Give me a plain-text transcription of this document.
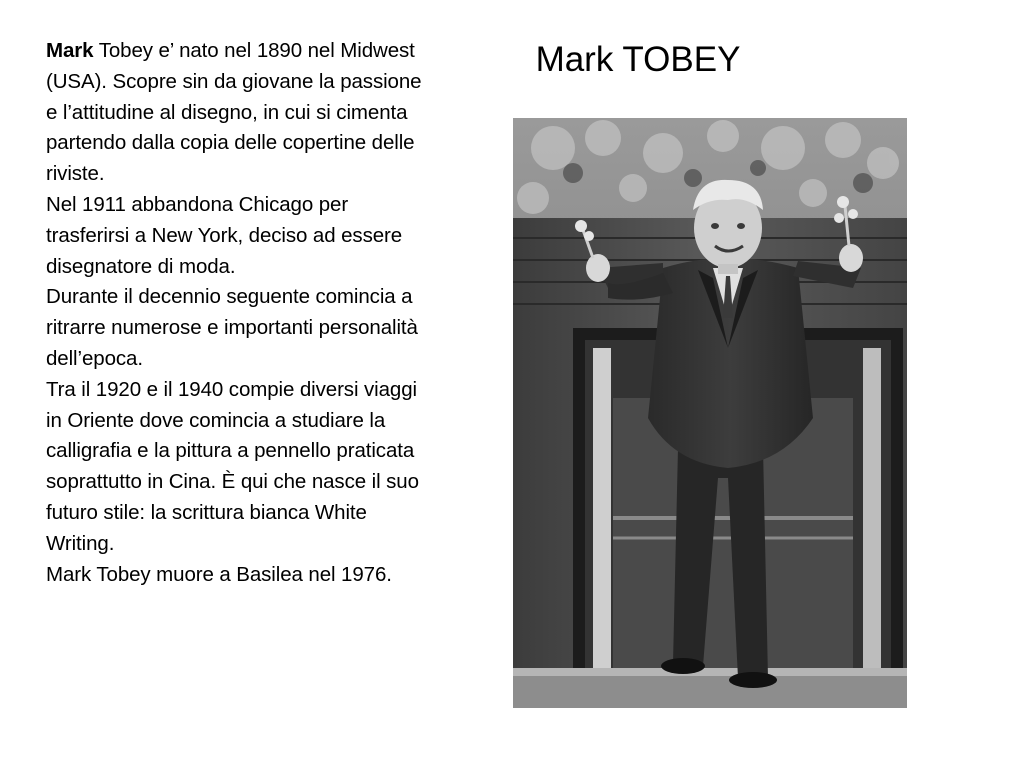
Mark Tobey e’ nato nel 1890 nel Midwest (USA). Scopre sin da giovane la passione e l’attitudine al disegno, in cui si cimenta partendo dalla copia delle copertine delle riviste.

Nel 1911 abbandona Chicago per trasferirsi a New York, deciso ad essere disegnatore di moda.

Durante il decennio seguente comincia a ritrarre numerose e importanti personalità dell’epoca.

Tra il 1920 e il 1940 compie diversi viaggi in Oriente dove comincia a studiare la calligrafia e la pittura a pennello praticata soprattutto in Cina. È qui che nasce il suo futuro stile: la scrittura bianca White Writing.

Mark Tobey muore a Basilea nel 1976.

Mark TOBEY
